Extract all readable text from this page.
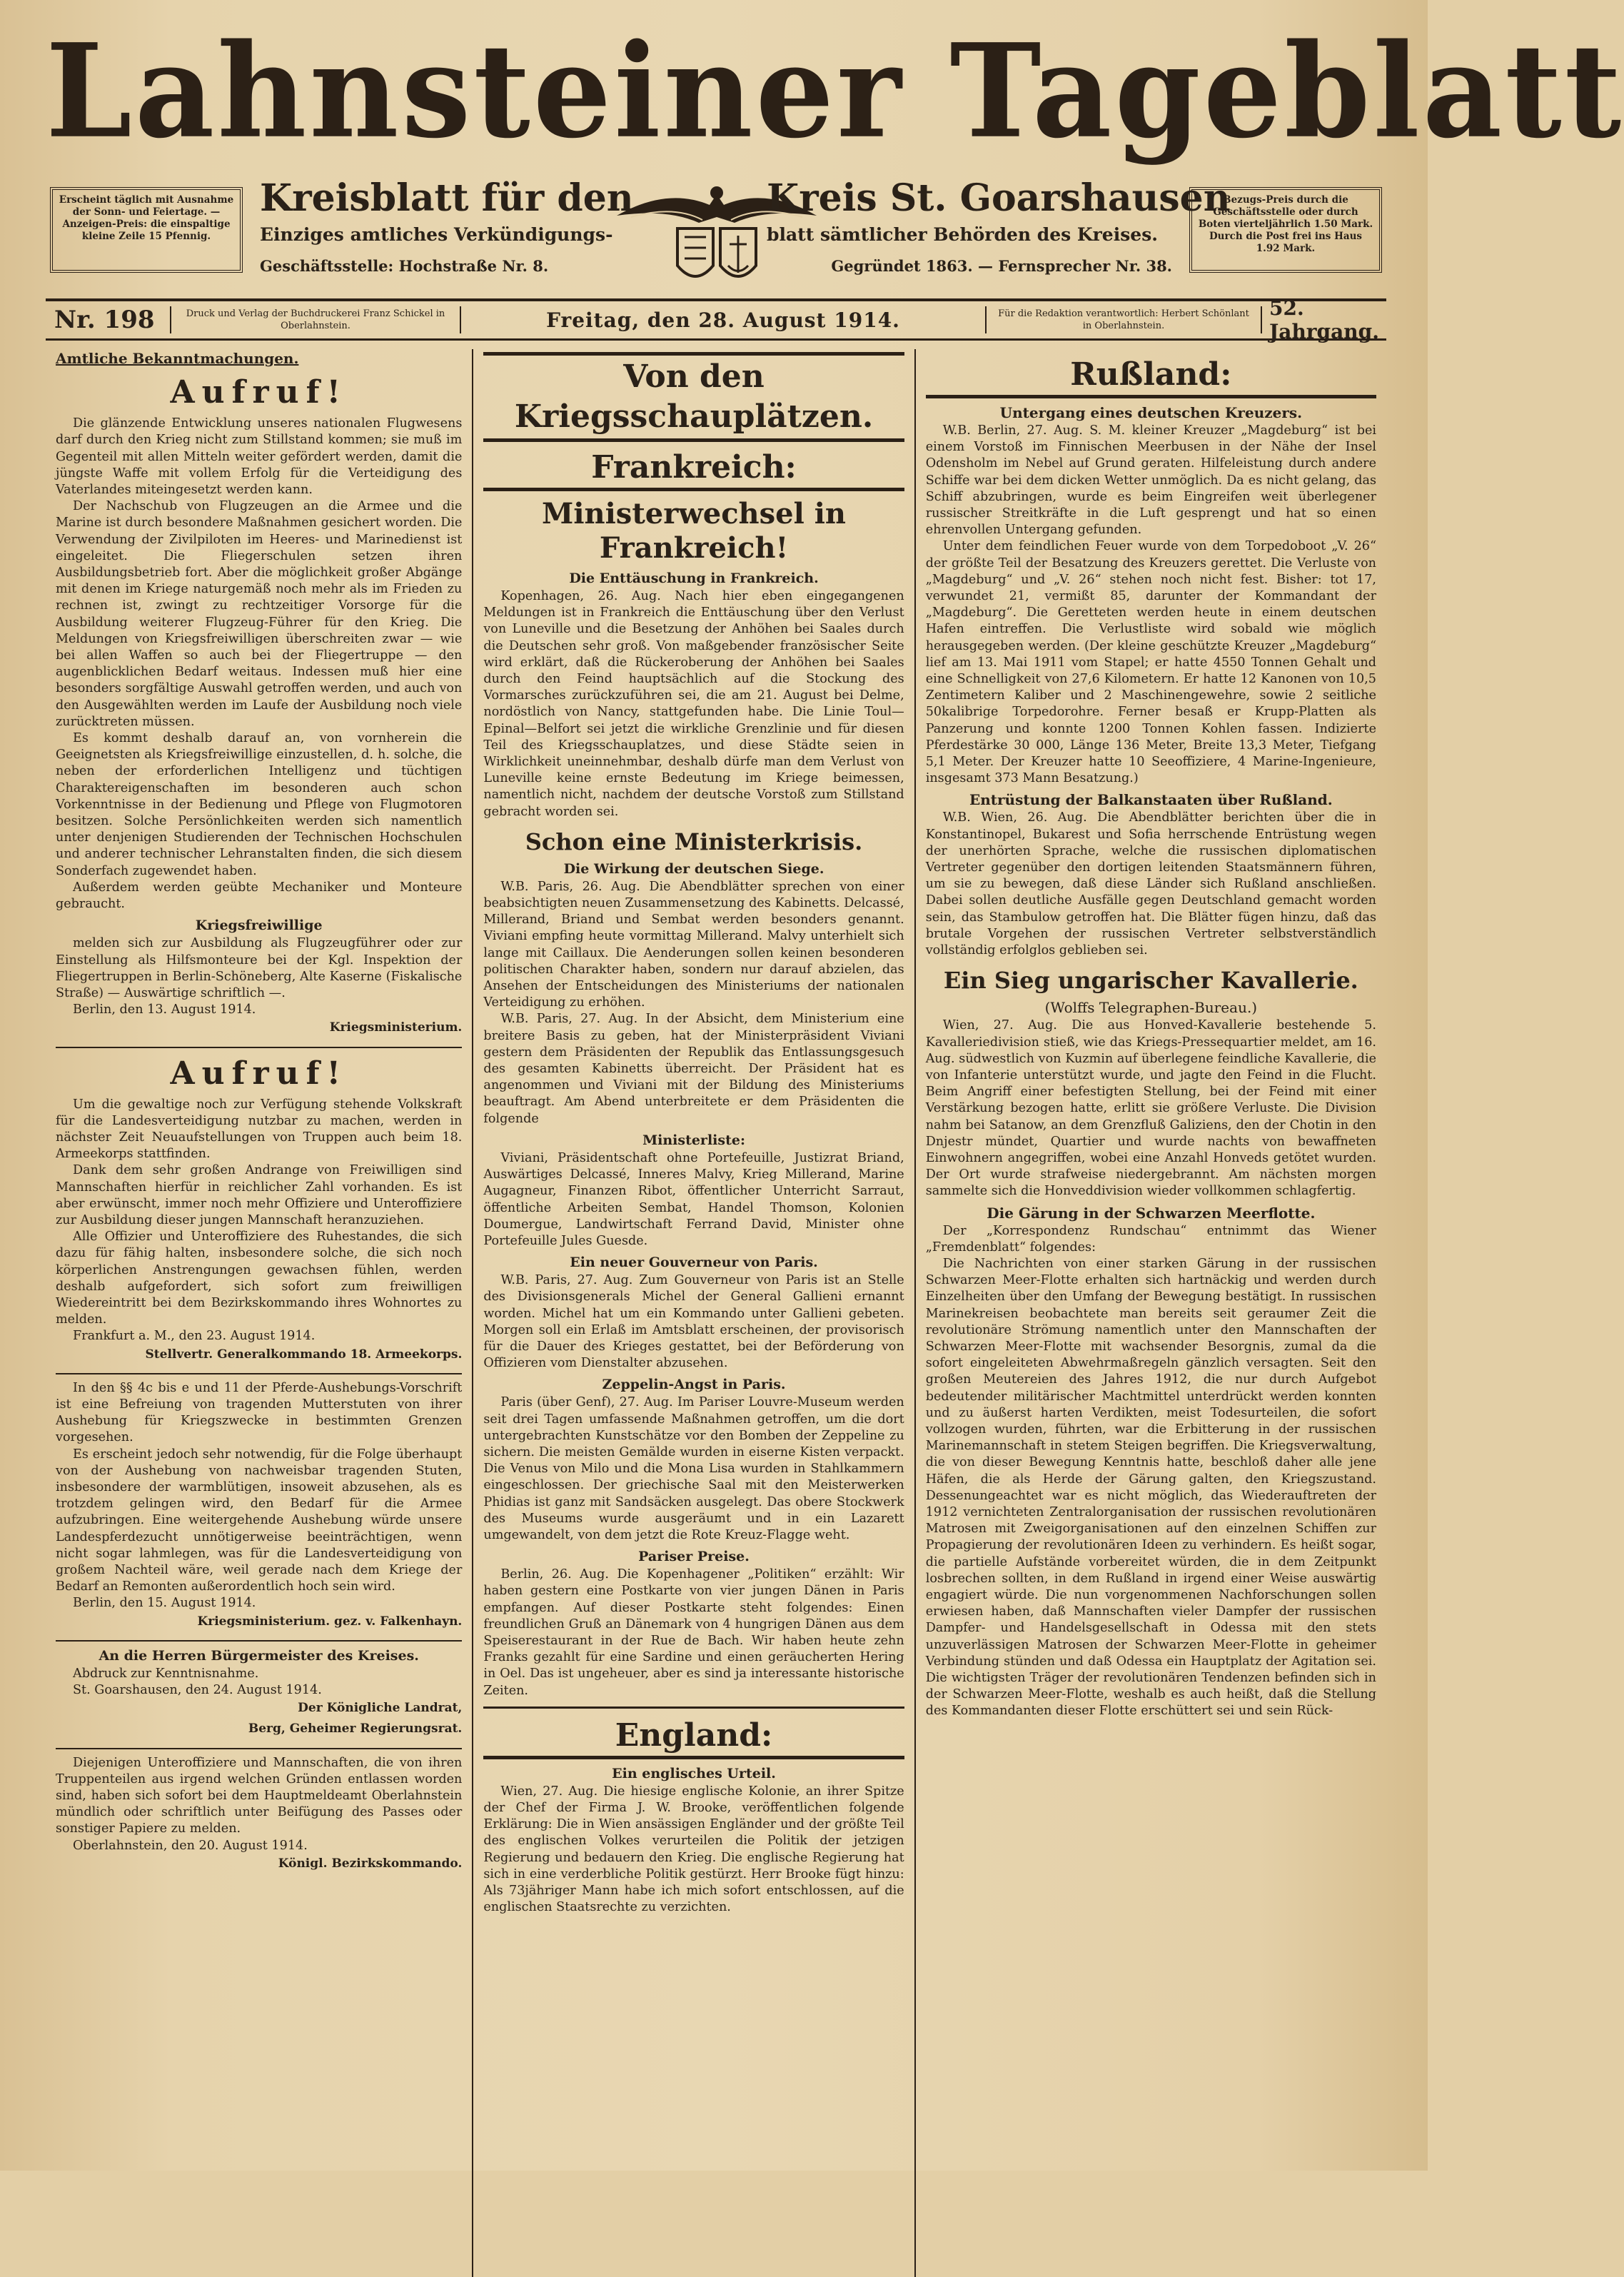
Lahnsteiner Tageblatt
Erscheint täglich mit Ausnahme der Sonn- und Feiertage. — Anzeigen-Preis: die einspaltige kleine Zeile 15 Pfennig.
Kreisblatt für den
Einziges amtliches Verkündigungs-
Geschäftsstelle: Hochstraße Nr. 8.
Kreis St. Goarshausen
blatt sämtlicher Behörden des Kreises.
Gegründet 1863. — Fernsprecher Nr. 38.
Bezugs-Preis durch die Geschäftsstelle oder durch Boten vierteljährlich 1.50 Mark. Durch die Post frei ins Haus 1.92 Mark.
Nr. 198	Druck und Verlag der Buchdruckerei Franz Schickel in Oberlahnstein.	Freitag, den 28. August 1914.	Für die Redaktion verantwortlich: Herbert Schönlant in Oberlahnstein.
52. Jahrgang.
Amtliche Bekanntmachungen.
Aufruf!

Die glänzende Entwicklung unseres nationalen Flugwesens darf durch den Krieg nicht zum Stillstand kommen; sie muß im Gegenteil mit allen Mitteln weiter gefördert werden, damit die jüngste Waffe mit vollem Erfolg für die Verteidigung des Vaterlandes miteingesetzt werden kann.

Der Nachschub von Flugzeugen an die Armee und die Marine ist durch besondere Maßnahmen gesichert worden. Die Verwendung der Zivilpiloten im Heeres- und Marinedienst ist eingeleitet. Die Fliegerschulen setzen ihren Ausbildungsbetrieb fort. Aber die möglichkeit großer Abgänge mit denen im Kriege naturgemäß noch mehr als im Frieden zu rechnen ist, zwingt zu rechtzeitiger Vorsorge für die Ausbildung weiterer Flugzeug-Führer für den Krieg. Die Meldungen von Kriegsfreiwilligen überschreiten zwar — wie bei allen Waffen so auch bei der Fliegertruppe — den augenblicklichen Bedarf weitaus. Indessen muß hier eine besonders sorgfältige Auswahl getroffen werden, und auch von den Ausgewählten werden im Laufe der Ausbildung noch viele zurücktreten müssen.

Es kommt deshalb darauf an, von vornherein die Geeignetsten als Kriegsfreiwillige einzustellen, d. h. solche, die neben der erforderlichen Intelligenz und tüchtigen Charaktereigenschaften im besonderen auch schon Vorkenntnisse in der Bedienung und Pflege von Flugmotoren besitzen. Solche Persönlichkeiten werden sich namentlich unter denjenigen Studierenden der Technischen Hochschulen und anderer technischer Lehranstalten finden, die sich diesem Sonderfach zugewendet haben.

Außerdem werden geübte Mechaniker und Monteure gebraucht.

Kriegsfreiwillige

melden sich zur Ausbildung als Flugzeugführer oder zur Einstellung als Hilfsmonteure bei der Kgl. Inspektion der Fliegertruppen in Berlin-Schöneberg, Alte Kaserne (Fiskalische Straße) — Auswärtige schriftlich —.

Berlin, den 13. August 1914.

Kriegsministerium.
Aufruf!

Um die gewaltige noch zur Verfügung stehende Volkskraft für die Landesverteidigung nutzbar zu machen, werden in nächster Zeit Neuaufstellungen von Truppen auch beim 18. Armeekorps stattfinden.

Dank dem sehr großen Andrange von Freiwilligen sind Mannschaften hierfür in reichlicher Zahl vorhanden. Es ist aber erwünscht, immer noch mehr Offiziere und Unteroffiziere zur Ausbildung dieser jungen Mannschaft heranzuziehen.

Alle Offizier und Unteroffiziere des Ruhestandes, die sich dazu für fähig halten, insbesondere solche, die sich noch körperlichen Anstrengungen gewachsen fühlen, werden deshalb aufgefordert, sich sofort zum freiwilligen Wiedereintritt bei dem Bezirkskommando ihres Wohnortes zu melden.

Frankfurt a. M., den 23. August 1914.

Stellvertr. Generalkommando 18. Armeekorps.

In den §§ 4c bis e und 11 der Pferde-Aushebungs-Vorschrift ist eine Befreiung von tragenden Mutterstuten von ihrer Aushebung für Kriegszwecke in bestimmten Grenzen vorgesehen.

Es erscheint jedoch sehr notwendig, für die Folge überhaupt von der Aushebung von nachweisbar tragenden Stuten, insbesondere der warmblütigen, insoweit abzusehen, als es trotzdem gelingen wird, den Bedarf für die Armee aufzubringen. Eine weitergehende Aushebung würde unsere Landespferdezucht unnötigerweise beeinträchtigen, wenn nicht sogar lahmlegen, was für die Landesverteidigung von großem Nachteil wäre, weil gerade nach dem Kriege der Bedarf an Remonten außerordentlich hoch sein wird.

Berlin, den 15. August 1914.

Kriegsministerium. gez. v. Falkenhayn.
An die Herren Bürgermeister des Kreises.

Abdruck zur Kenntnisnahme.

St. Goarshausen, den 24. August 1914.

Der Königliche Landrat,
Berg, Geheimer Regierungsrat.

Diejenigen Unteroffiziere und Mannschaften, die von ihren Truppenteilen aus irgend welchen Gründen entlassen worden sind, haben sich sofort bei dem Hauptmeldeamt Oberlahnstein mündlich oder schriftlich unter Beifügung des Passes oder sonstiger Papiere zu melden.

Oberlahnstein, den 20. August 1914.

Königl. Bezirkskommando.
Von den Kriegsschauplätzen.
Frankreich:
Ministerwechsel in Frankreich!
Die Enttäuschung in Frankreich.

Kopenhagen, 26. Aug. Nach hier eben eingegangenen Meldungen ist in Frankreich die Enttäuschung über den Verlust von Luneville und die Besetzung der Anhöhen bei Saales durch die Deutschen sehr groß. Von maßgebender französischer Seite wird erklärt, daß die Rückeroberung der Anhöhen bei Saales durch den Feind hauptsächlich auf die Stockung des Vormarsches zurückzuführen sei, die am 21. August bei Delme, nordöstlich von Nancy, stattgefunden habe. Die Linie Toul—Epinal—Belfort sei jetzt die wirkliche Grenzlinie und für diesen Teil des Kriegsschauplatzes, und diese Städte seien in Wirklichkeit uneinnehmbar, deshalb dürfe man dem Verlust von Luneville keine ernste Bedeutung im Kriege beimessen, namentlich nicht, nachdem der deutsche Vorstoß zum Stillstand gebracht worden sei.

Schon eine Ministerkrisis.
Die Wirkung der deutschen Siege.

W.B. Paris, 26. Aug. Die Abendblätter sprechen von einer beabsichtigten neuen Zusammensetzung des Kabinetts. Delcassé, Millerand, Briand und Sembat werden besonders genannt. Viviani empfing heute vormittag Millerand. Malvy unterhielt sich lange mit Caillaux. Die Aenderungen sollen keinen besonderen politischen Charakter haben, sondern nur darauf abzielen, das Ansehen der Entscheidungen des Ministeriums der nationalen Verteidigung zu erhöhen.

W.B. Paris, 27. Aug. In der Absicht, dem Ministerium eine breitere Basis zu geben, hat der Ministerpräsident Viviani gestern dem Präsidenten der Republik das Entlassungsgesuch des gesamten Kabinetts überreicht. Der Präsident hat es angenommen und Viviani mit der Bildung des Ministeriums beauftragt. Am Abend unterbreitete er dem Präsidenten die folgende

Ministerliste:

Viviani, Präsidentschaft ohne Portefeuille, Justizrat Briand, Auswärtiges Delcassé, Inneres Malvy, Krieg Millerand, Marine Augagneur, Finanzen Ribot, öffentlicher Unterricht Sarraut, öffentliche Arbeiten Sembat, Handel Thomson, Kolonien Doumergue, Landwirtschaft Ferrand David, Minister ohne Portefeuille Jules Guesde.

Ein neuer Gouverneur von Paris.

W.B. Paris, 27. Aug. Zum Gouverneur von Paris ist an Stelle des Divisionsgenerals Michel der General Gallieni ernannt worden. Michel hat um ein Kommando unter Gallieni gebeten. Morgen soll ein Erlaß im Amtsblatt erscheinen, der provisorisch für die Dauer des Krieges gestattet, bei der Beförderung von Offizieren vom Dienstalter abzusehen.

Zeppelin-Angst in Paris.

Paris (über Genf), 27. Aug. Im Pariser Louvre-Museum werden seit drei Tagen umfassende Maßnahmen getroffen, um die dort untergebrachten Kunstschätze vor den Bomben der Zeppeline zu sichern. Die meisten Gemälde wurden in eiserne Kisten verpackt. Die Venus von Milo und die Mona Lisa wurden in Stahlkammern eingeschlossen. Der griechische Saal mit den Meisterwerken Phidias ist ganz mit Sandsäcken ausgelegt. Das obere Stockwerk des Museums wurde ausgeräumt und in ein Lazarett umgewandelt, von dem jetzt die Rote Kreuz-Flagge weht.

Pariser Preise.

Berlin, 26. Aug. Die Kopenhagener „Politiken“ erzählt: Wir haben gestern eine Postkarte von vier jungen Dänen in Paris empfangen. Auf dieser Postkarte steht folgendes: Einen freundlichen Gruß an Dänemark von 4 hungrigen Dänen aus dem Speiserestaurant in der Rue de Bach. Wir haben heute zehn Franks gezahlt für eine Sardine und einen geräucherten Hering in Oel. Das ist ungeheuer, aber es sind ja interessante historische Zeiten.

England:
Ein englisches Urteil.

Wien, 27. Aug. Die hiesige englische Kolonie, an ihrer Spitze der Chef der Firma J. W. Brooke, veröffentlichen folgende Erklärung: Die in Wien ansässigen Engländer und der größte Teil des englischen Volkes verurteilen die Politik der jetzigen Regierung und bedauern den Krieg. Die englische Regierung hat sich in eine verderbliche Politik gestürzt. Herr Brooke fügt hinzu: Als 73jähriger Mann habe ich mich sofort entschlossen, auf die englischen Staatsrechte zu verzichten.

Rußland:
Untergang eines deutschen Kreuzers.

W.B. Berlin, 27. Aug. S. M. kleiner Kreuzer „Magdeburg“ ist bei einem Vorstoß im Finnischen Meerbusen in der Nähe der Insel Odensholm im Nebel auf Grund geraten. Hilfeleistung durch andere Schiffe war bei dem dicken Wetter unmöglich. Da es nicht gelang, das Schiff abzubringen, wurde es beim Eingreifen weit überlegener russischer Streitkräfte in die Luft gesprengt und hat so einen ehrenvollen Untergang gefunden.

Unter dem feindlichen Feuer wurde von dem Torpedoboot „V. 26“ der größte Teil der Besatzung des Kreuzers gerettet. Die Verluste von „Magdeburg“ und „V. 26“ stehen noch nicht fest. Bisher: tot 17, verwundet 21, vermißt 85, darunter der Kommandant der „Magdeburg“. Die Geretteten werden heute in einem deutschen Hafen eintreffen. Die Verlustliste wird sobald wie möglich herausgegeben werden. (Der kleine geschützte Kreuzer „Magdeburg“ lief am 13. Mai 1911 vom Stapel; er hatte 4550 Tonnen Gehalt und eine Schnelligkeit von 27,6 Kilometern. Er hatte 12 Kanonen von 10,5 Zentimetern Kaliber und 2 Maschinengewehre, sowie 2 seitliche 50kalibrige Torpedorohre. Ferner besaß er Krupp-Platten als Panzerung und konnte 1200 Tonnen Kohlen fassen. Indizierte Pferdestärke 30 000, Länge 136 Meter, Breite 13,3 Meter, Tiefgang 5,1 Meter. Der Kreuzer hatte 10 Seeoffiziere, 4 Marine-Ingenieure, insgesamt 373 Mann Besatzung.)

Entrüstung der Balkanstaaten über Rußland.

W.B. Wien, 26. Aug. Die Abendblätter berichten über die in Konstantinopel, Bukarest und Sofia herrschende Entrüstung wegen der unerhörten Sprache, welche die russischen diplomatischen Vertreter gegenüber den dortigen leitenden Staatsmännern führen, um sie zu bewegen, daß diese Länder sich Rußland anschließen. Dabei sollen deutliche Ausfälle gegen Deutschland gemacht worden sein, das Stambulow getroffen hat. Die Blätter fügen hinzu, daß das brutale Vorgehen der russischen Vertreter selbstverständlich vollständig erfolglos geblieben sei.

Ein Sieg ungarischer Kavallerie.
(Wolffs Telegraphen-Bureau.)

Wien, 27. Aug. Die aus Honved-Kavallerie bestehende 5. Kavalleriedivision stieß, wie das Kriegs-Pressequartier meldet, am 16. Aug. südwestlich von Kuzmin auf überlegene feindliche Kavallerie, die von Infanterie unterstützt wurde, und jagte den Feind in die Flucht. Beim Angriff einer befestigten Stellung, bei der Feind mit einer Verstärkung bezogen hatte, erlitt sie größere Verluste. Die Division nahm bei Satanow, an dem Grenzfluß Galiziens, den der Chotin in den Dnjestr mündet, Quartier und wurde nachts von bewaffneten Einwohnern angegriffen, wobei eine Anzahl Honveds getötet wurden. Der Ort wurde strafweise niedergebrannt. Am nächsten morgen sammelte sich die Honveddivision wieder vollkommen schlagfertig.

Die Gärung in der Schwarzen Meerflotte.

Der „Korrespondenz Rundschau“ entnimmt das Wiener „Fremdenblatt“ folgendes:

Die Nachrichten von einer starken Gärung in der russischen Schwarzen Meer-Flotte erhalten sich hartnäckig und werden durch Einzelheiten über den Umfang der Bewegung bestätigt. In russischen Marinekreisen beobachtete man bereits seit geraumer Zeit die revolutionäre Strömung namentlich unter den Mannschaften der Schwarzen Meer-Flotte mit wachsender Besorgnis, zumal da die sofort eingeleiteten Abwehrmaßregeln gänzlich versagten. Seit den großen Meutereien des Jahres 1912, die nur durch Aufgebot bedeutender militärischer Machtmittel unterdrückt werden konnten und zu äußerst harten Verdikten, meist Todesurteilen, die sofort vollzogen wurden, führten, war die Erbitterung in der russischen Marinemannschaft in stetem Steigen begriffen. Die Kriegsverwaltung, die von dieser Bewegung Kenntnis hatte, beschloß daher alle jene Häfen, die als Herde der Gärung galten, den Kriegszustand. Dessenungeachtet war es nicht möglich, das Wiederauftreten der 1912 vernichteten Zentralorganisation der russischen revolutionären Matrosen mit Zweigorganisationen auf den einzelnen Schiffen zur Propagierung der revolutionären Ideen zu verhindern. Es heißt sogar, die partielle Aufstände vorbereitet würden, die in dem Zeitpunkt losbrechen sollten, in dem Rußland in irgend einer Weise auswärtig engagiert würde. Die nun vorgenommenen Nachforschungen sollen erwiesen haben, daß Mannschaften vieler Dampfer der russischen Dampfer- und Handelsgesellschaft in Odessa mit den stets unzuverlässigen Matrosen der Schwarzen Meer-Flotte in geheimer Verbindung stünden und daß Odessa ein Hauptplatz der Agitation sei. Die wichtigsten Träger der revolutionären Tendenzen befinden sich in der Schwarzen Meer-Flotte, weshalb es auch heißt, daß die Stellung des Kommandanten dieser Flotte erschüttert sei und sein Rück-
